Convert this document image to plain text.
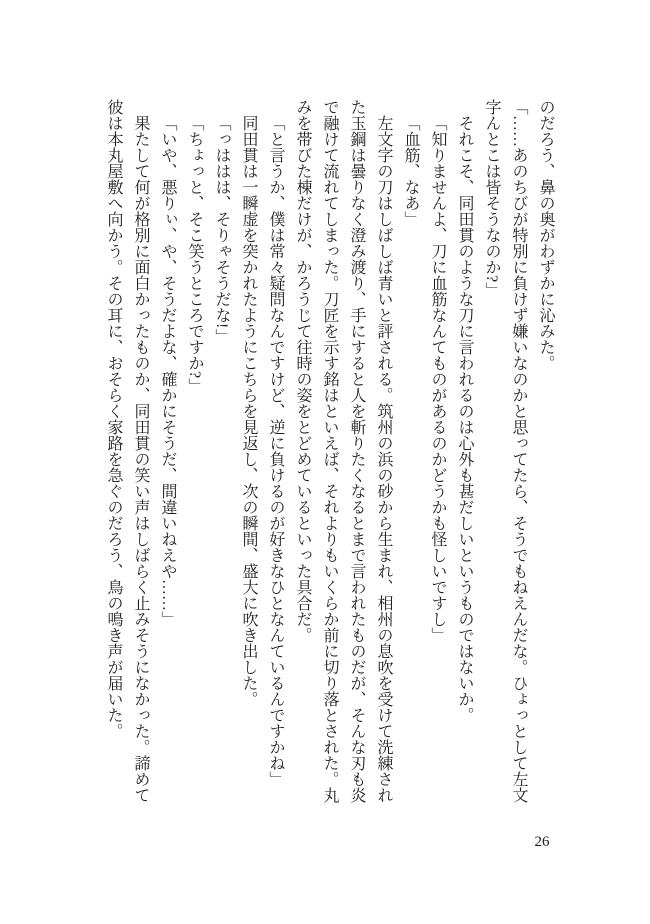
のだろう、鼻の奥がわずかに沁みた。

「……あのちびが特別に負けず嫌いなのかと思ってたら、そうでもねえんだな。ひょっとして左文
字んとこは皆そうなのか?」

それこそ、同田貫のような刀に言われるのは心外も甚だしいというものではないか。

「知りませんよ、刀に血筋なんてものがあるのかどうかも怪しいですし」

「血筋、なあ」

左文字の刀はしばしば青いと評される。筑州の浜の砂から生まれ、相州の息吹を受けて洗練され
た玉鋼は曇りなく澄み渡り、手にすると人を斬りたくなるとまで言われたものだが、そんな刃も炎
で融けて流れてしまった。刀匠を示す銘はといえば、それよりもいくらか前に切り落とされた。丸
みを帯びた棟だけが、かろうじて往時の姿をとどめているといった具合だ。

「と言うか、僕は常々疑問なんですけど、逆に負けるのが好きなひとなんているんですかね」

同田貫は一瞬虚を突かれたようにこちらを見返し、次の瞬間、盛大に吹き出した。

「っははは、そりゃそうだな!」

「ちょっと、そこ笑うところですか?」

「いや、悪りぃ、や、そうだよな、確かにそうだ、間違いねえや……」

果たして何が格別に面白かったものか、同田貫の笑い声はしばらく止みそうになかった。諦めて
彼は本丸屋敷へ向かう。その耳に、おそらく家路を急ぐのだろう、鳥の鳴き声が届いた。

26
